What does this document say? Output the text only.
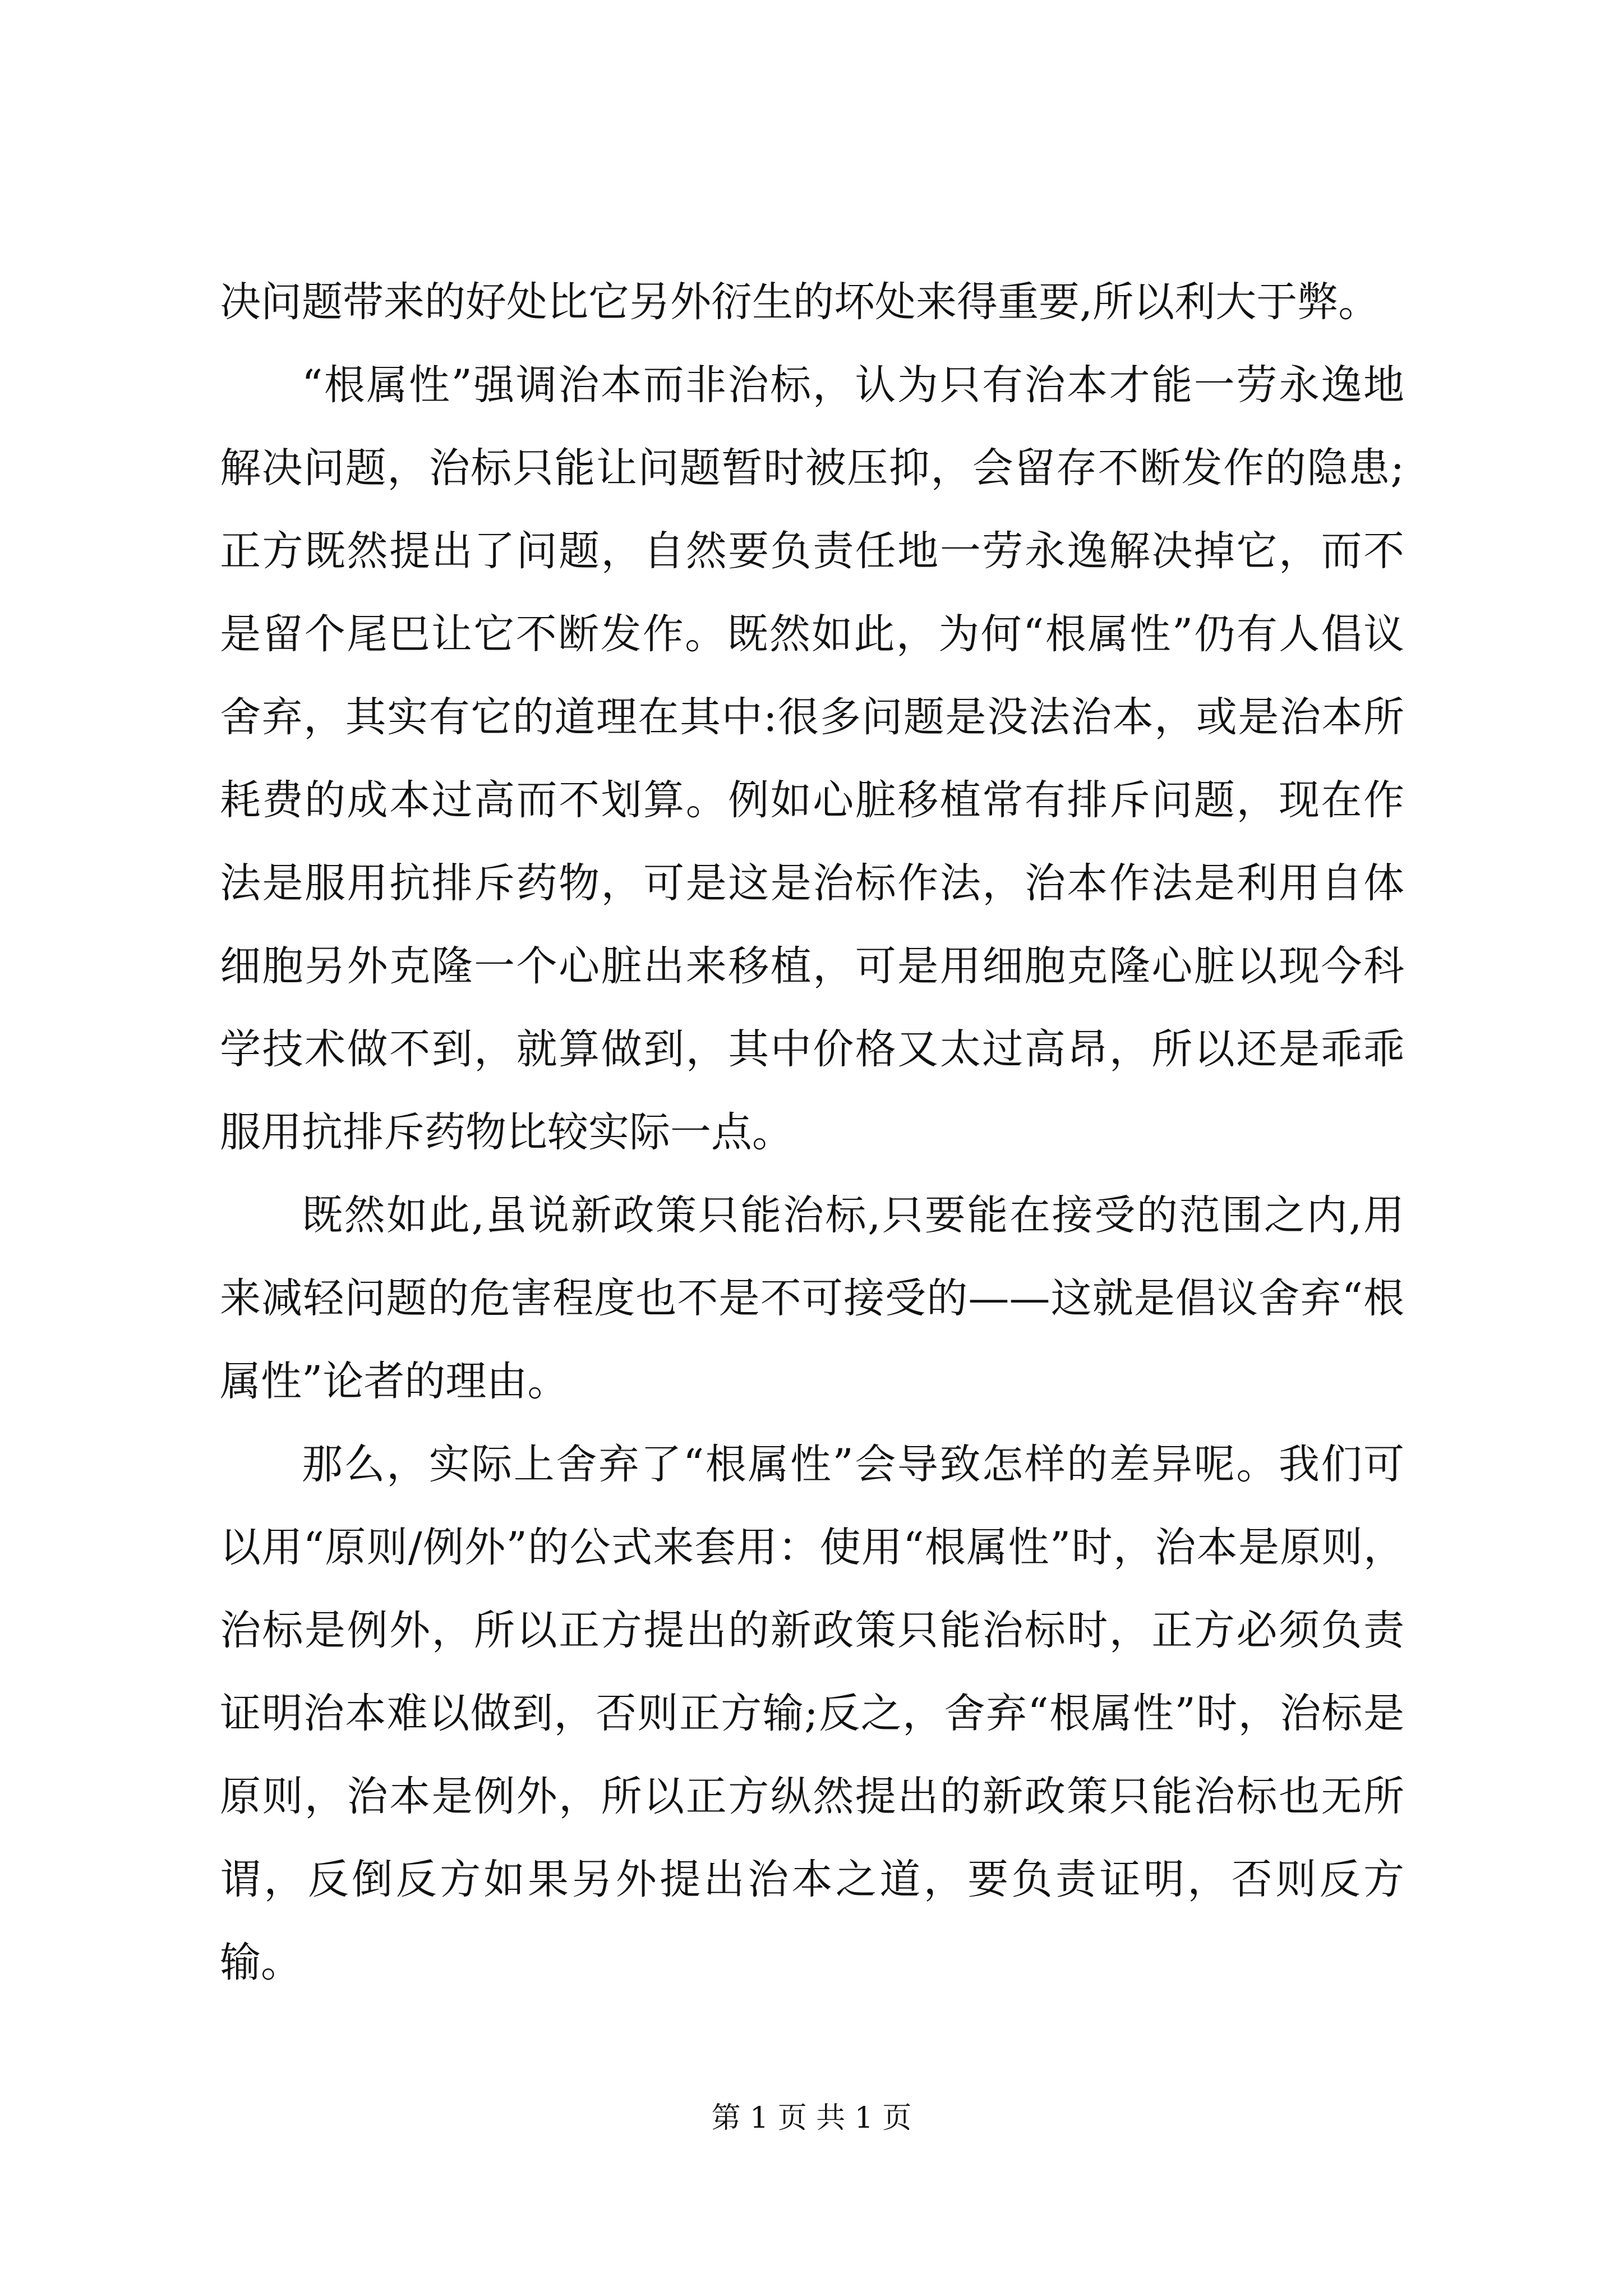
决问题带来的好处比它另外衍生的坏处来得重要,所以利大于弊。

“根属性”强调治本而非治标，认为只有治本才能一劳永逸地解决问题，治标只能让问题暂时被压抑，会留存不断发作的隐患;正方既然提出了问题，自然要负责任地一劳永逸解决掉它，而不是留个尾巴让它不断发作。既然如此，为何“根属性”仍有人倡议舍弃，其实有它的道理在其中:很多问题是没法治本，或是治本所耗费的成本过高而不划算。例如心脏移植常有排斥问题，现在作法是服用抗排斥药物，可是这是治标作法，治本作法是利用自体细胞另外克隆一个心脏出来移植，可是用细胞克隆心脏以现今科学技术做不到，就算做到，其中价格又太过高昂，所以还是乖乖服用抗排斥药物比较实际一点。

既然如此,虽说新政策只能治标,只要能在接受的范围之内,用来减轻问题的危害程度也不是不可接受的——这就是倡议舍弃“根属性”论者的理由。

那么，实际上舍弃了“根属性”会导致怎样的差异呢。我们可以用“原则/例外”的公式来套用：使用“根属性”时，治本是原则，治标是例外，所以正方提出的新政策只能治标时，正方必须负责证明治本难以做到，否则正方输;反之，舍弃“根属性”时，治标是原则，治本是例外，所以正方纵然提出的新政策只能治标也无所谓，反倒反方如果另外提出治本之道，要负责证明，否则反方输。

第 1 页 共 1 页
